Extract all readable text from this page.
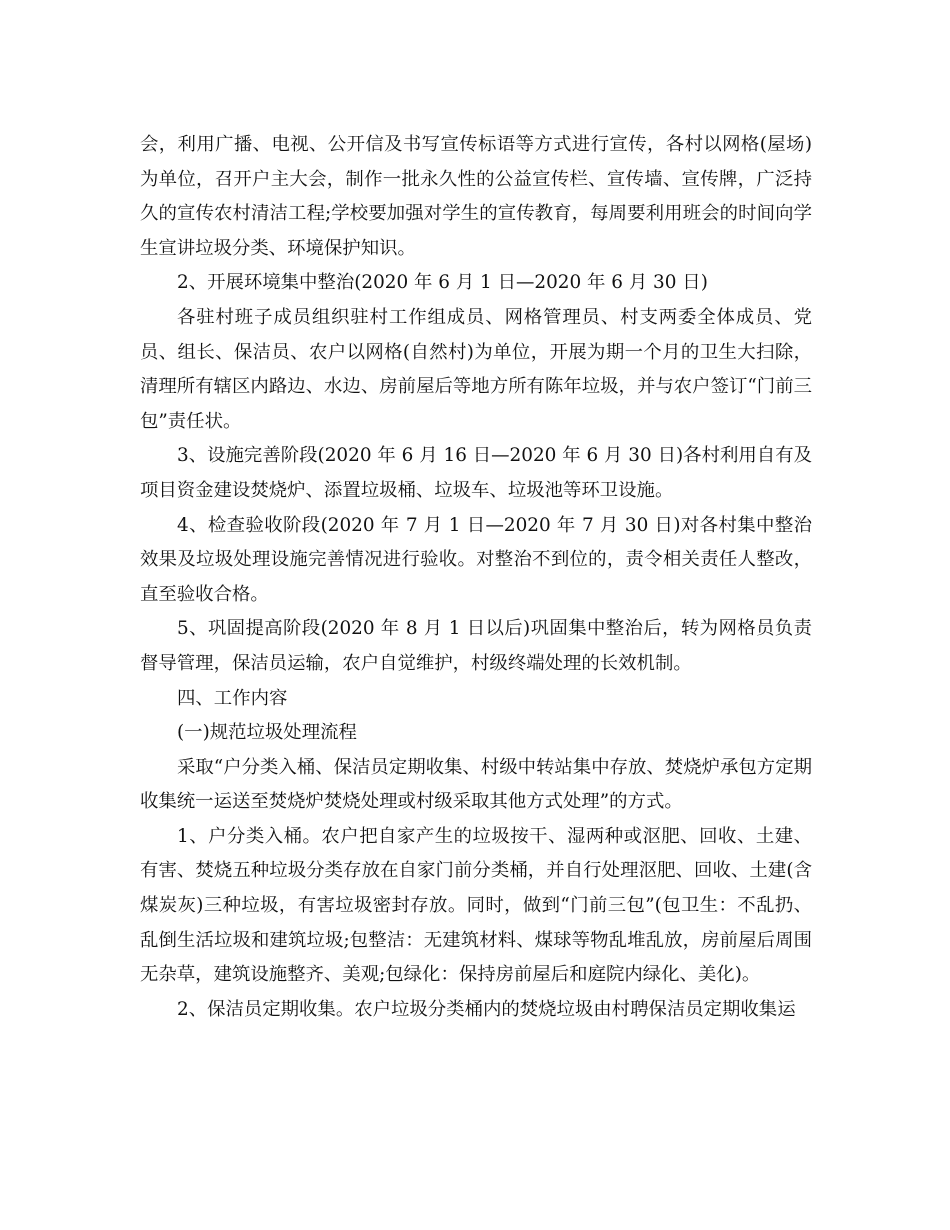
会，利用广播、电视、公开信及书写宣传标语等方式进行宣传，各村以网格(屋场)为单位，召开户主大会，制作一批永久性的公益宣传栏、宣传墙、宣传牌，广泛持久的宣传农村清洁工程;学校要加强对学生的宣传教育，每周要利用班会的时间向学生宣讲垃圾分类、环境保护知识。

2、开展环境集中整治(2020 年 6 月 1 日—2020 年 6 月 30 日)

各驻村班子成员组织驻村工作组成员、网格管理员、村支两委全体成员、党员、组长、保洁员、农户以网格(自然村)为单位，开展为期一个月的卫生大扫除，清理所有辖区内路边、水边、房前屋后等地方所有陈年垃圾，并与农户签订“门前三包”责任状。

3、设施完善阶段(2020 年 6 月 16 日—2020 年 6 月 30 日)各村利用自有及项目资金建设焚烧炉、添置垃圾桶、垃圾车、垃圾池等环卫设施。

4、检查验收阶段(2020 年 7 月 1 日—2020 年 7 月 30 日)对各村集中整治效果及垃圾处理设施完善情况进行验收。对整治不到位的，责令相关责任人整改，直至验收合格。

5、巩固提高阶段(2020 年 8 月 1 日以后)巩固集中整治后，转为网格员负责督导管理，保洁员运输，农户自觉维护，村级终端处理的长效机制。

四、工作内容

(一)规范垃圾处理流程

采取“户分类入桶、保洁员定期收集、村级中转站集中存放、焚烧炉承包方定期收集统一运送至焚烧炉焚烧处理或村级采取其他方式处理”的方式。

1、户分类入桶。农户把自家产生的垃圾按干、湿两种或沤肥、回收、土建、有害、焚烧五种垃圾分类存放在自家门前分类桶，并自行处理沤肥、回收、土建(含煤炭灰)三种垃圾，有害垃圾密封存放。同时，做到“门前三包”(包卫生：不乱扔、乱倒生活垃圾和建筑垃圾;包整洁：无建筑材料、煤球等物乱堆乱放，房前屋后周围无杂草，建筑设施整齐、美观;包绿化：保持房前屋后和庭院内绿化、美化)。

2、保洁员定期收集。农户垃圾分类桶内的焚烧垃圾由村聘保洁员定期收集运
